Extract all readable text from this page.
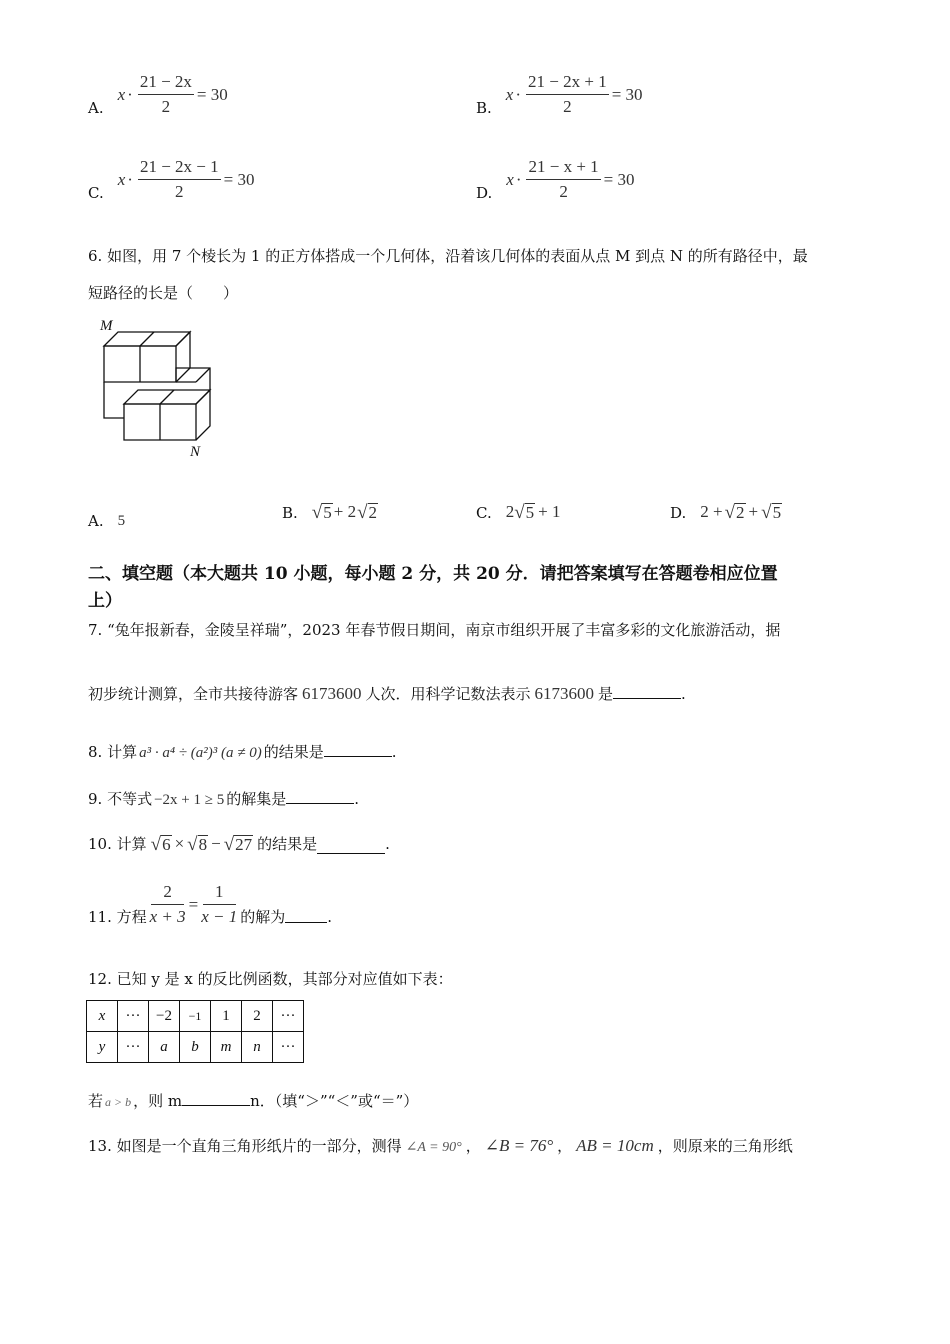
A.
$x \cdot \frac{21 - 2x}{2} = 30$
B.
$x \cdot \frac{21 - 2x + 1}{2} = 30$
C.
$x \cdot \frac{21 - 2x - 1}{2} = 30$
D.
$x \cdot \frac{21 - x + 1}{2} = 30$
6. 如图，用 7 个棱长为 1 的正方体搭成一个几何体，沿着该几何体的表面从点 M 到点 N 的所有路径中，最
短路径的长是（　　）
M
N
A. 5	B. √ 5 + 2 √ 2	C. 2 √ 5 + 1	D. 2 + √ 2 + √ 5
二、填空题（本大题共 10 小题，每小题 2 分，共 20 分．请把答案填写在答题卷相应位置
上）
7. “兔年报新春，金陵呈祥瑞”，2023 年春节假日期间，南京市组织开展了丰富多彩的文化旅游活动，据
初步统计测算，全市共接待游客 6173600 人次．用科学记数法表示 6173600 是	.
8. 计算 a³ · a⁴ ÷ (a²)³ (a ≠ 0) 的结果是	.
9. 不等式 −2x + 1 ≥ 5 的解集是	.
10. 计算 √ 6 × √ 8 − √ 27 的结果是	.
11. 方程 $\frac{2}{x + 3} = \frac{1}{x - 1}$ 的解为	.
12. 已知 y 是 x 的反比例函数，其部分对应值如下表：
x	···	−2	−1	1	2	···
y	···	a	b	m	n	···
若 a > b ，则 m	n．（填“＞”“＜”或“＝”）
13. 如图是一个直角三角形纸片的一部分，测得 ∠A = 90° ， ∠B = 76° ， AB = 10cm ，则原来的三角形纸
